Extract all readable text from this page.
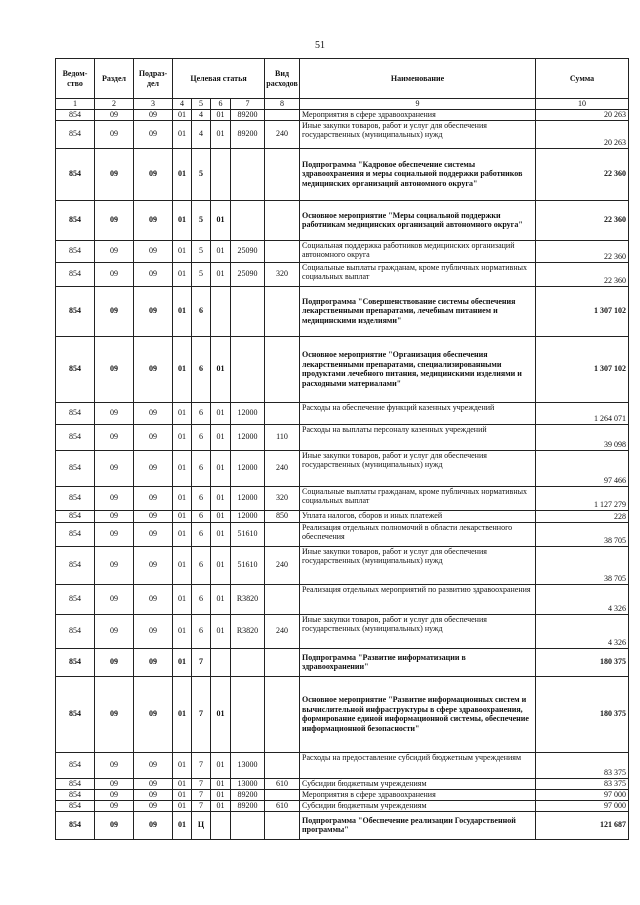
51
Ведом-
ство	Раздел	Подраз-
дел	Целевая статья				Вид
расходов	Наименование	Сумма
1	2	3	4	5	6	7	8	9	10
854	09	09	01	4	01	89200		Мероприятия в сфере здравоохранения	20 263
854	09	09	01	4	01	89200	240	Иные закупки товаров, работ и услуг для обеспечения государственных (муниципальных) нужд	20 263
854	09	09	01	5				Подпрограмма "Кадровое обеспечение системы здравоохранения и меры социальной поддержки работников медицинских организаций автономного округа"	22 360
854	09	09	01	5	01			Основное мероприятие "Меры социальной поддержки работникам медицинских организаций автономного округа"	22 360
854	09	09	01	5	01	25090		Социальная поддержка работников медицинских организаций автономного округа	22 360
854	09	09	01	5	01	25090	320	Социальные выплаты гражданам, кроме публичных нормативных социальных выплат	22 360
854	09	09	01	6				Подпрограмма "Совершенствование системы обеспечения лекарственными препаратами, лечебным питанием и медицинскими изделиями"	1 307 102
854	09	09	01	6	01			Основное мероприятие "Организация обеспечения лекарственными препаратами, специализированными продуктами лечебного питания, медицинскими изделиями и расходными материалами"	1 307 102
854	09	09	01	6	01	12000		Расходы на обеспечение функций казенных учреждений	1 264 071
854	09	09	01	6	01	12000	110	Расходы на выплаты персоналу казенных учреждений	39 098
854	09	09	01	6	01	12000	240	Иные закупки товаров, работ и услуг для обеспечения государственных (муниципальных) нужд	97 466
854	09	09	01	6	01	12000	320	Социальные выплаты гражданам, кроме публичных нормативных социальных выплат	1 127 279
854	09	09	01	6	01	12000	850	Уплата налогов, сборов и иных платежей	228
854	09	09	01	6	01	51610		Реализация отдельных полномочий в области лекарственного обеспечения	38 705
854	09	09	01	6	01	51610	240	Иные закупки товаров, работ и услуг для обеспечения государственных (муниципальных) нужд	38 705
854	09	09	01	6	01	R3820		Реализация отдельных мероприятий по развитию здравоохранения	4 326
854	09	09	01	6	01	R3820	240	Иные закупки товаров, работ и услуг для обеспечения государственных (муниципальных) нужд	4 326
854	09	09	01	7				Подпрограмма "Развитие информатизации в здравоохранении"	180 375
854	09	09	01	7	01			Основное мероприятие "Развитие информационных систем и вычислительной инфраструктуры в сфере здравоохранения, формирование единой информационной системы, обеспечение информационной безопасности"	180 375
854	09	09	01	7	01	13000		Расходы на предоставление субсидий бюджетным учреждениям	83 375
854	09	09	01	7	01	13000	610	Субсидии бюджетным учреждениям	83 375
854	09	09	01	7	01	89200		Мероприятия в сфере здравоохранения	97 000
854	09	09	01	7	01	89200	610	Субсидии бюджетным учреждениям	97 000
854	09	09	01	Ц				Подпрограмма "Обеспечение реализации Государственной программы"	121 687
